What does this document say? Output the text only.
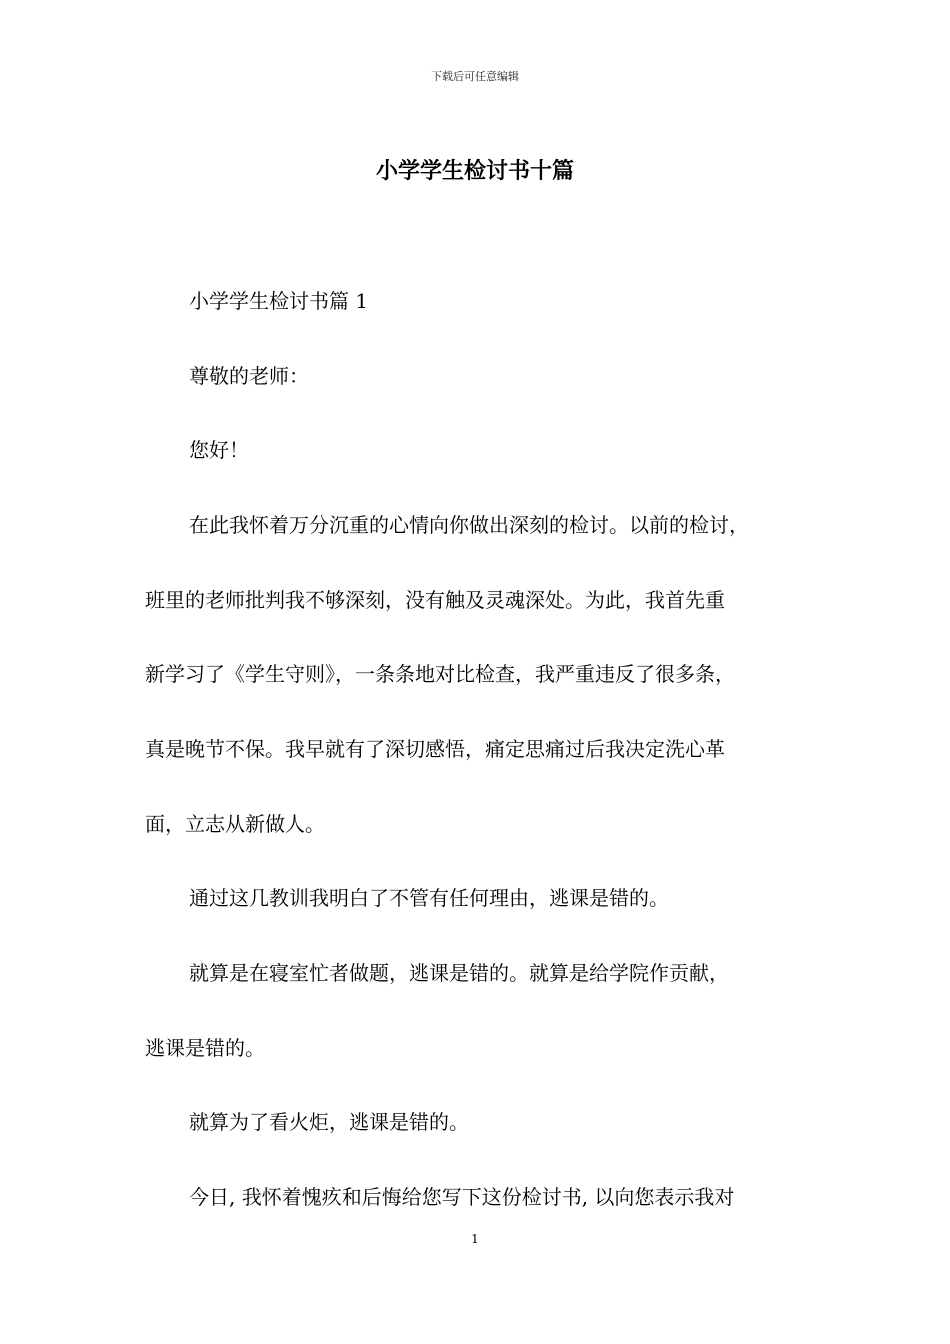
下载后可任意编辑
小学学生检讨书十篇
小学学生检讨书篇 1
尊敬的老师：
您好！
在此我怀着万分沉重的心情向你做出深刻的检讨。以前的检讨，
班里的老师批判我不够深刻，没有触及灵魂深处。为此，我首先重
新学习了《学生守则》，一条条地对比检查，我严重违反了很多条，
真是晚节不保。我早就有了深切感悟，痛定思痛过后我决定洗心革
面，立志从新做人。
通过这几教训我明白了不管有任何理由，逃课是错的。
就算是在寝室忙者做题，逃课是错的。就算是给学院作贡献，
逃课是错的。
就算为了看火炬，逃课是错的。
今日, 我怀着愧疚和后悔给您写下这份检讨书, 以向您表示我对
1
